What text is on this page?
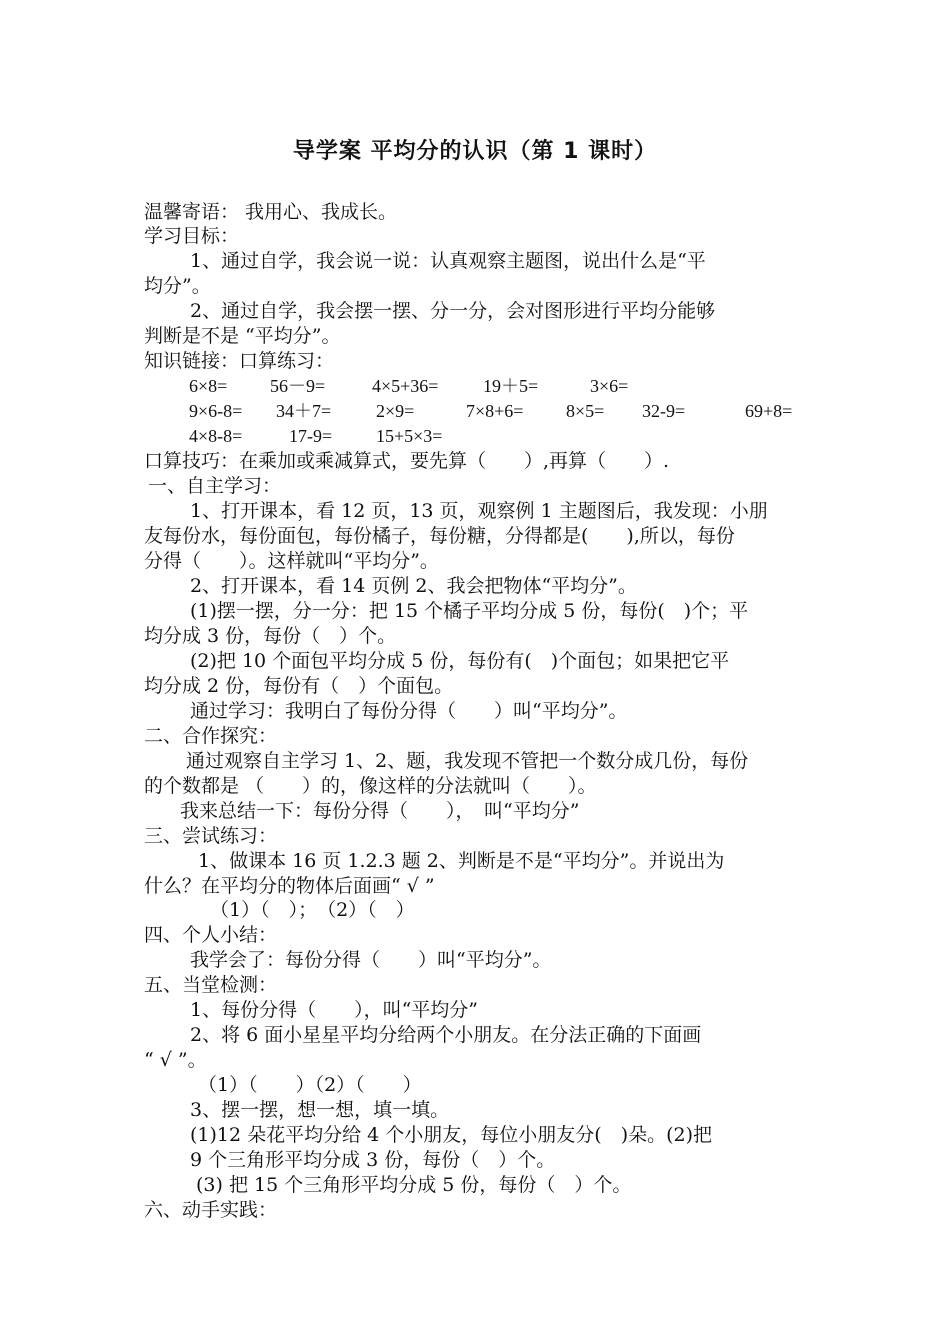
导学案 平均分的认识（第 1 课时）
温馨寄语： 我用心、我成长。
学习目标：
1、通过自学，我会说一说：认真观察主题图，说出什么是“平
均分”。
2、通过自学，我会摆一摆、分一分，会对图形进行平均分能够
判断是不是 “平均分”。
知识链接：口算练习：
6×8= 56－9=	4×5+36= 19＋5=	3×6=
9×6-8= 34＋7= 2×9=	7×8+6= 8×5= 32-9=	69+8=
4×8-8=	17-9= 15+5×3=
口算技巧：在乘加或乘减算式，要先算（　　）,再算（　　）.
一、自主学习：
1、打开课本，看 12 页，13 页，观察例 1 主题图后，我发现：小朋
友每份水，每份面包，每份橘子，每份糖，分得都是(　　),所以，每份
分得（　　）。这样就叫“平均分”。
2、打开课本，看 14 页例 2、我会把物体“平均分”。
(1)摆一摆，分一分：把 15 个橘子平均分成 5 份，每份(　)个；平
均分成 3 份，每份（　）个。
(2)把 10 个面包平均分成 5 份，每份有(　)个面包；如果把它平
均分成 2 份，每份有（　）个面包。
通过学习：我明白了每份分得（　　）叫“平均分”。
二、合作探究：
通过观察自主学习 1、2、题，我发现不管把一个数分成几份，每份
的个数都是 （　　）的，像这样的分法就叫（　　）。
我来总结一下：每份分得（　　），　叫“平均分”
三、尝试练习：
1、做课本 16 页 1.2.3 题 2、判断是不是“平均分”。并说出为
什么？在平均分的物体后面画“ √ ”
（1）（　）；　（2）（　）
四、个人小结：
我学会了：每份分得（　　）叫“平均分”。
五、当堂检测：
1、每份分得（　　），叫“平均分”
2、将 6 面小星星平均分给两个小朋友。在分法正确的下面画
“ √ ”。
（1）（　　）（2）（　　）
3、摆一摆，想一想，填一填。
(1)12 朵花平均分给 4 个小朋友，每位小朋友分(　)朵。(2)把
9 个三角形平均分成 3 份，每份（　）个。
(3) 把 15 个三角形平均分成 5 份，每份（　）个。
六、动手实践：
